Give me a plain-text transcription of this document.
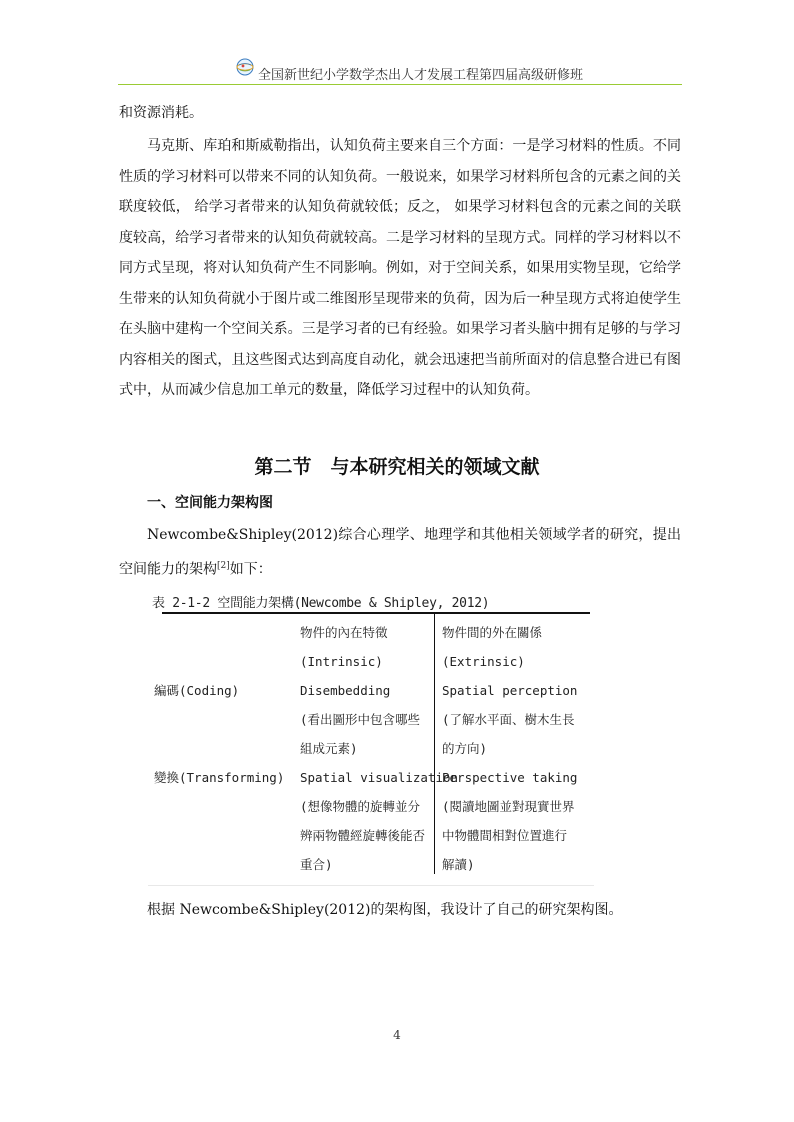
全国新世纪小学数学杰出人才发展工程第四届高级研修班
和资源消耗。
马克斯、库珀和斯威勒指出，认知负荷主要来自三个方面：一是学习材料的性质。不同性质的学习材料可以带来不同的认知负荷。一般说来，如果学习材料所包含的元素之间的关联度较低， 给学习者带来的认知负荷就较低；反之， 如果学习材料包含的元素之间的关联度较高，给学习者带来的认知负荷就较高。二是学习材料的呈现方式。同样的学习材料以不同方式呈现，将对认知负荷产生不同影响。例如，对于空间关系，如果用实物呈现，它给学生带来的认知负荷就小于图片或二维图形呈现带来的负荷，因为后一种呈现方式将迫使学生在头脑中建构一个空间关系。三是学习者的已有经验。如果学习者头脑中拥有足够的与学习内容相关的图式，且这些图式达到高度自动化，就会迅速把当前所面对的信息整合进已有图式中，从而减少信息加工单元的数量，降低学习过程中的认知负荷。
第二节　与本研究相关的领域文献
一、空间能力架构图
Newcombe&Shipley(2012)综合心理学、地理学和其他相关领域学者的研究，提出空间能力的架构[2]如下：
表 2-1-2 空間能力架構(Newcombe & Shipley, 2012)
物件的內在特徵
(Intrinsic)
物件間的外在關係
(Extrinsic)
編碼(Coding)	Disembedding
(看出圖形中包含哪些
組成元素)
Spatial perception
(了解水平面、樹木生長
的方向)
變換(Transforming) Spatial visualization
(想像物體的旋轉並分
辨兩物體經旋轉後能否
重合)
Perspective taking
(閱讀地圖並對現實世界
中物體間相對位置進行
解讀)
根据 Newcombe&Shipley(2012)的架构图，我设计了自己的研究架构图。
4
